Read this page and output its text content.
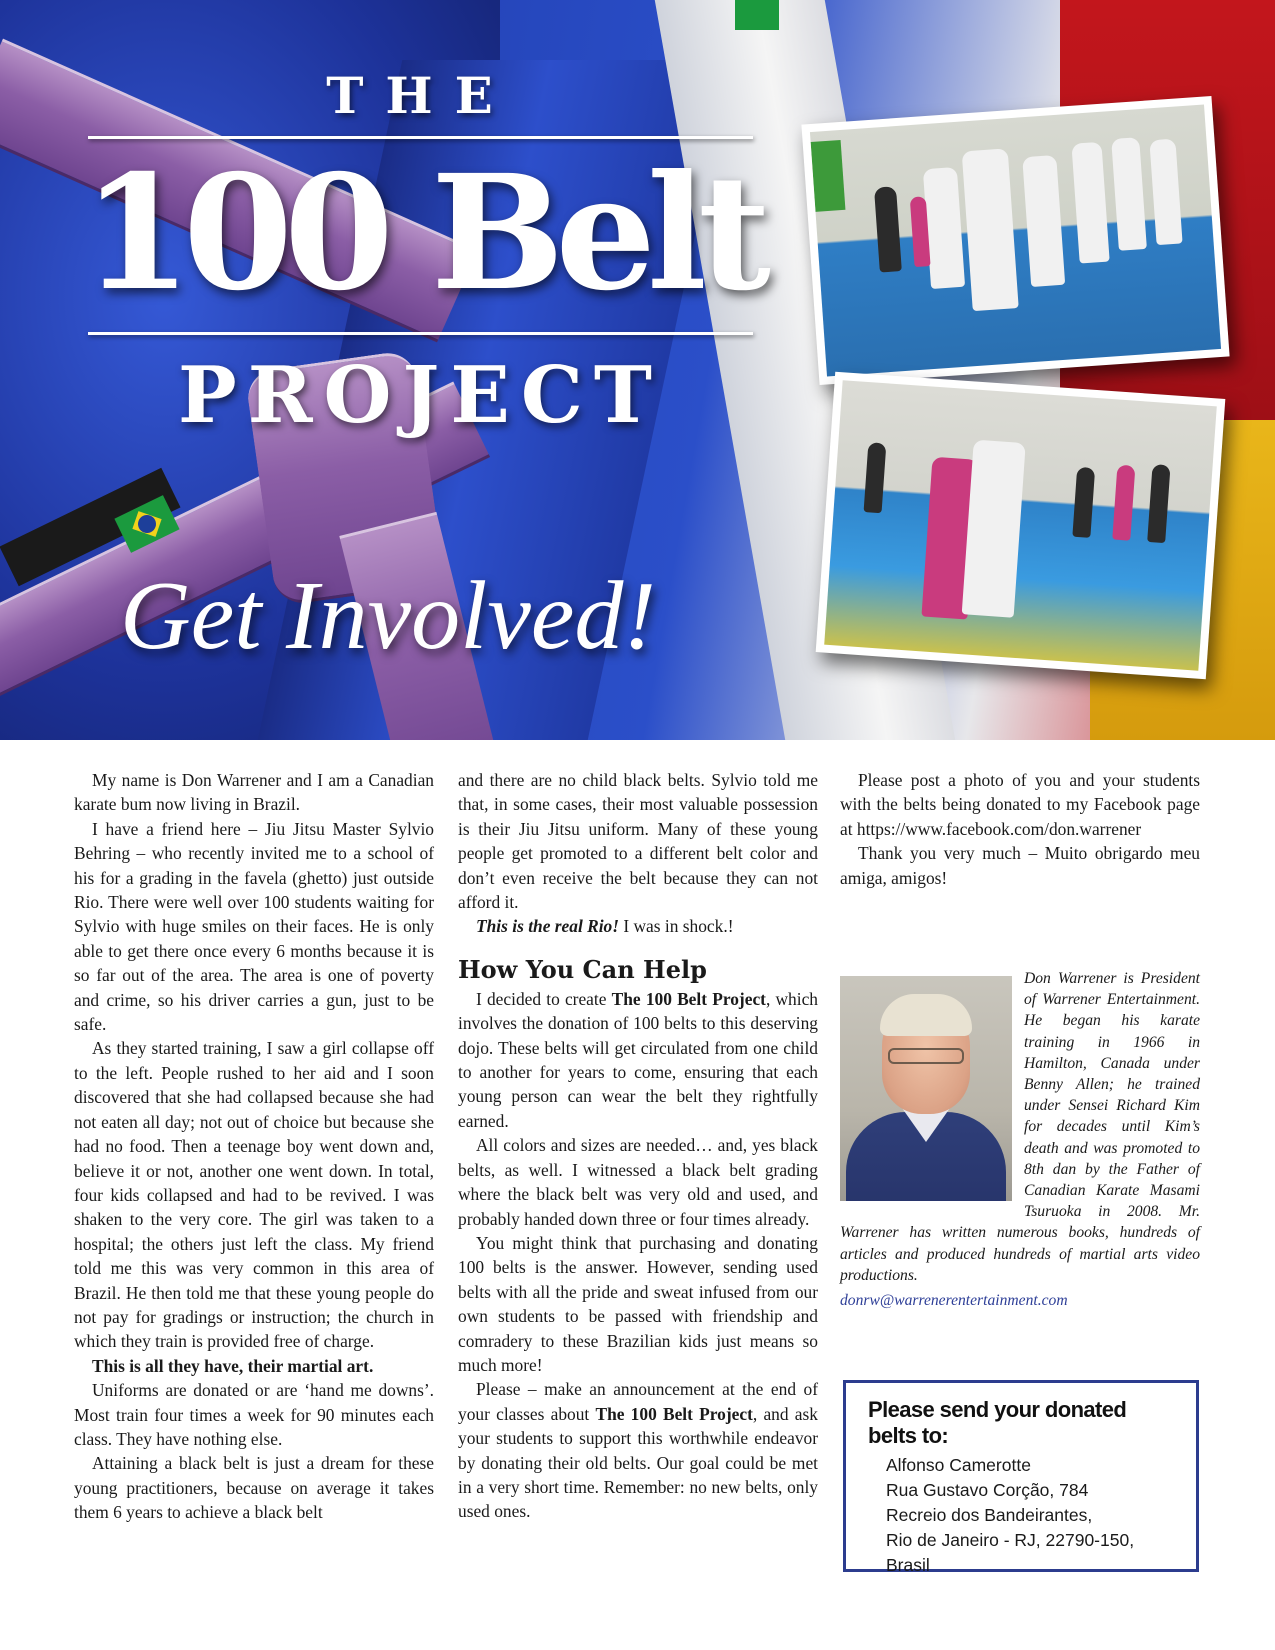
THE
100 Belt
PROJECT
Get Involved!

My name is Don Warrener and I am a Canadian karate bum now living in Brazil.

I have a friend here – Jiu Jitsu Master Sylvio Behring – who recently invited me to a school of his for a grading in the favela (ghetto) just outside Rio. There were well over 100 students waiting for Sylvio with huge smiles on their faces. He is only able to get there once every 6 months because it is so far out of the area. The area is one of poverty and crime, so his driver carries a gun, just to be safe.

As they started training, I saw a girl collapse off to the left. People rushed to her aid and I soon discovered that she had collapsed because she had not eaten all day; not out of choice but because she had no food. Then a teenage boy went down and, believe it or not, another one went down. In total, four kids collapsed and had to be revived. I was shaken to the very core. The girl was taken to a hospital; the others just left the class. My friend told me this was very common in this area of Brazil. He then told me that these young people do not pay for gradings or instruction; the church in which they train is provided free of charge.

This is all they have, their martial art.

Uniforms are donated or are ‘hand me downs’. Most train four times a week for 90 minutes each class. They have nothing else.

Attaining a black belt is just a dream for these young practitioners, because on average it takes them 6 years to achieve a black belt

and there are no child black belts. Sylvio told me that, in some cases, their most valuable possession is their Jiu Jitsu uniform. Many of these young people get promoted to a different belt color and don’t even receive the belt because they can not afford it.

This is the real Rio! I was in shock.!

How You Can Help

I decided to create The 100 Belt Project, which involves the donation of 100 belts to this deserving dojo. These belts will get circulated from one child to another for years to come, ensuring that each young person can wear the belt they rightfully earned.

All colors and sizes are needed… and, yes black belts, as well. I witnessed a black belt grading where the black belt was very old and used, and probably handed down three or four times already.

You might think that purchasing and donating 100 belts is the answer. However, sending used belts with all the pride and sweat infused from our own students to be passed with friendship and comradery to these Brazilian kids just means so much more!

Please – make an announcement at the end of your classes about The 100 Belt Project, and ask your students to support this worthwhile endeavor by donating their old belts. Our goal could be met in a very short time. Remember: no new belts, only used ones.

Please post a photo of you and your students with the belts being donated to my Facebook page at https://www.facebook.com/don.warrener

Thank you very much – Muito obrigardo meu amiga, amigos!

Don Warrener is President of Warrener Entertainment. He began his karate training in 1966 in Hamilton, Canada under Benny Allen; he trained under Sensei Richard Kim for decades until Kim’s death and was promoted to 8th dan by the Father of Canadian Karate Masami Tsuruoka in 2008. Mr. Warrener has written numerous books, hundreds of articles and produced hundreds of martial arts video productions.
donrw@warrenerentertainment.com
Please send your donated belts to:
Alfonso Camerotte
Rua Gustavo Corção, 784
Recreio dos Bandeirantes,
Rio de Janeiro - RJ, 22790-150,
Brasil
